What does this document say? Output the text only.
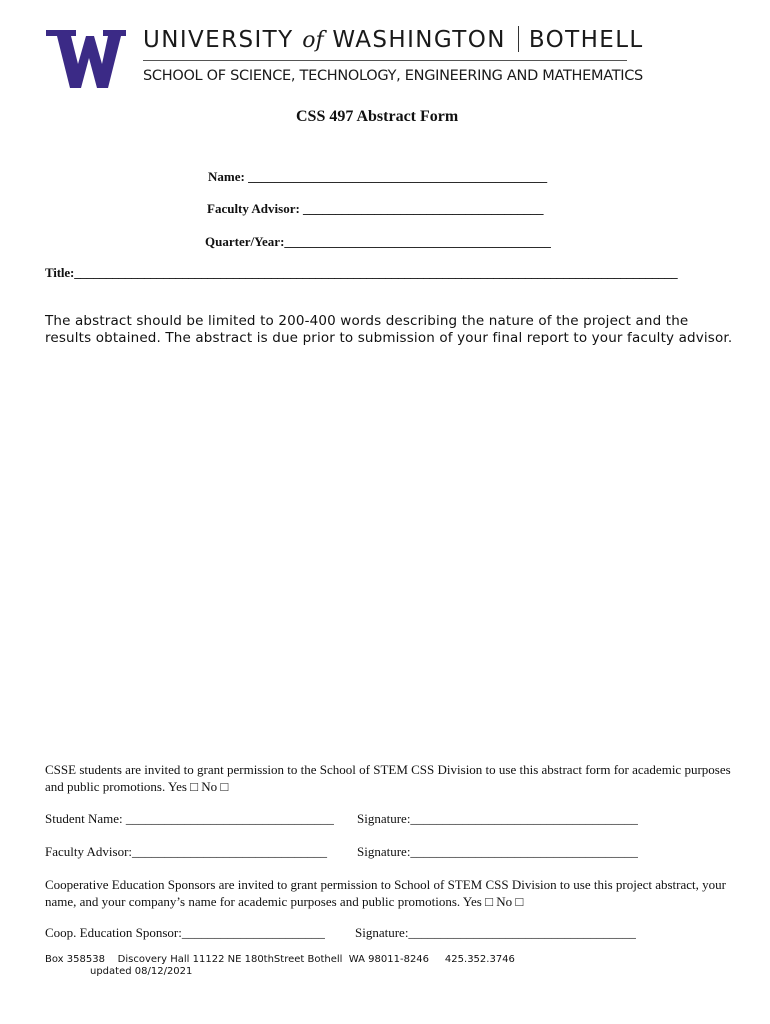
UNIVERSITY of WASHINGTON BOTHELL
SCHOOL OF SCIENCE, TECHNOLOGY, ENGINEERING AND MATHEMATICS
CSS 497 Abstract Form
Name: ______________________________________________
Faculty Advisor: _____________________________________
Quarter/Year:_________________________________________
Title:_______________________________________________________________________________________________
The abstract should be limited to 200-400 words describing the nature of the project and the results obtained. The abstract is due prior to submission of your final report to your faculty advisor.
CSSE students are invited to grant permission to the School of STEM CSS Division to use this abstract form for academic purposes and public promotions. Yes □ No □
Student Name: ________________________________ Signature:___________________________________
Faculty Advisor:______________________________ Signature:___________________________________
Cooperative Education Sponsors are invited to grant permission to School of STEM CSS Division to use this project abstract, your name, and your company’s name for academic purposes and public promotions. Yes □ No □
Coop. Education Sponsor:______________________ Signature:___________________________________
Box 358538    Discovery Hall 11122 NE 180thStreet Bothell  WA 98011-8246     425.352.3746
updated 08/12/2021
